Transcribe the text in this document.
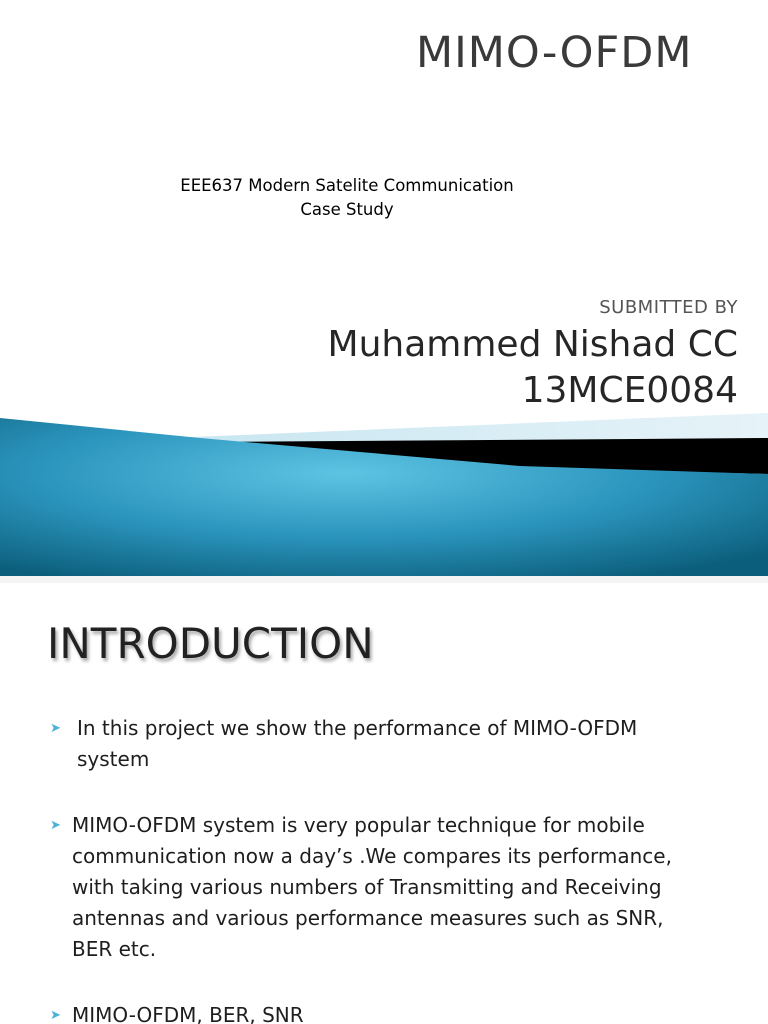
MIMO-OFDM
EEE637 Modern Satelite Communication
Case Study
SUBMITTED BY
Muhammed Nishad CC
13MCE0084
INTRODUCTION
➤ In this project we show the performance of MIMO-OFDM
system
➤ MIMO-OFDM system is very popular technique for mobile
communication now a day’s .We compares its performance,
with taking various numbers of Transmitting and Receiving
antennas and various performance measures such as SNR,
BER etc.
➤ MIMO-OFDM, BER, SNR
